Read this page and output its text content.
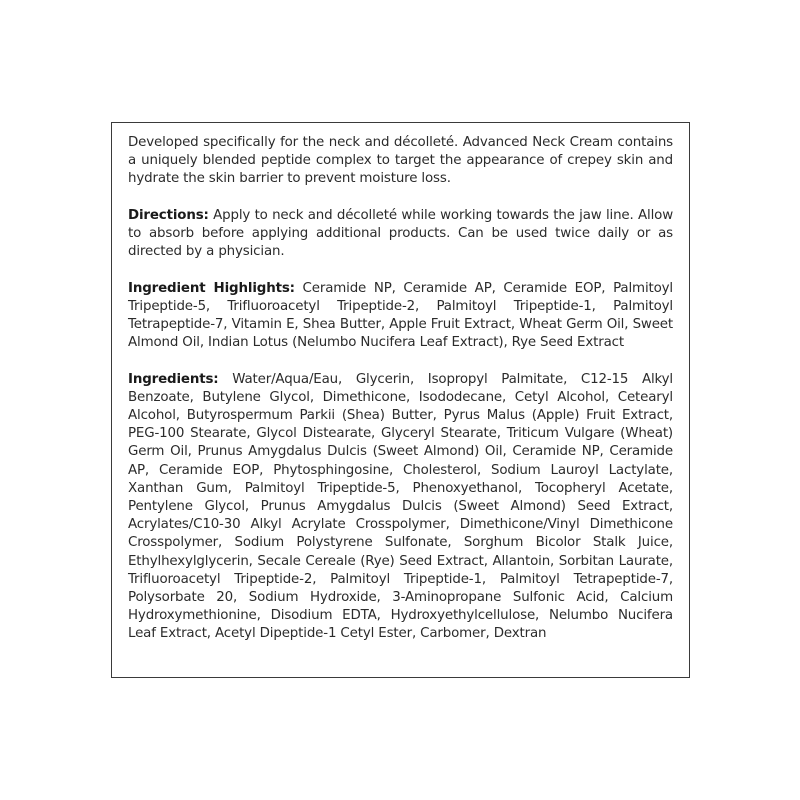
Developed specifically for the neck and décolleté. Advanced Neck Cream contains a uniquely blended peptide complex to target the appearance of crepey skin and hydrate the skin barrier to prevent moisture loss.

Directions: Apply to neck and décolleté while working towards the jaw line. Allow to absorb before applying additional products. Can be used twice daily or as directed by a physician.

Ingredient Highlights: Ceramide NP, Ceramide AP, Ceramide EOP, Palmitoyl Tripeptide-5, Trifluoroacetyl Tripeptide-2, Palmitoyl Tripeptide-1, Palmitoyl Tetrapeptide-7, Vitamin E, Shea Butter, Apple Fruit Extract, Wheat Germ Oil, Sweet Almond Oil, Indian Lotus (Nelumbo Nucifera Leaf Extract), Rye Seed Extract

Ingredients: Water/Aqua/Eau, Glycerin, Isopropyl Palmitate, C12-15 Alkyl Benzoate, Butylene Glycol, Dimethicone, Isododecane, Cetyl Alcohol, Cetearyl Alcohol, Butyrospermum Parkii (Shea) Butter, Pyrus Malus (Apple) Fruit Extract, PEG-100 Stearate, Glycol Distearate, Glyceryl Stearate, Triticum Vulgare (Wheat) Germ Oil, Prunus Amygdalus Dulcis (Sweet Almond) Oil, Ceramide NP, Ceramide AP, Ceramide EOP, Phytosphingosine, Cholesterol, Sodium Lauroyl Lactylate, Xanthan Gum, Palmitoyl Tripeptide-5, Phenoxyethanol, Tocopheryl Acetate, Pentylene Glycol, Prunus Amygdalus Dulcis (Sweet Almond) Seed Extract, Acrylates/C10-30 Alkyl Acrylate Crosspolymer, Dimethicone/Vinyl Dimethicone Crosspolymer, Sodium Polystyrene Sulfonate, Sorghum Bicolor Stalk Juice, Ethylhexylglycerin, Secale Cereale (Rye) Seed Extract, Allantoin, Sorbitan Laurate, Trifluoroacetyl Tripeptide-2, Palmitoyl Tripeptide-1, Palmitoyl Tetrapeptide-7, Polysorbate 20, Sodium Hydroxide, 3-Aminopropane Sulfonic Acid, Calcium Hydroxymethionine, Disodium EDTA, Hydroxyethylcellulose, Nelumbo Nucifera Leaf Extract, Acetyl Dipeptide-1 Cetyl Ester, Carbomer, Dextran
